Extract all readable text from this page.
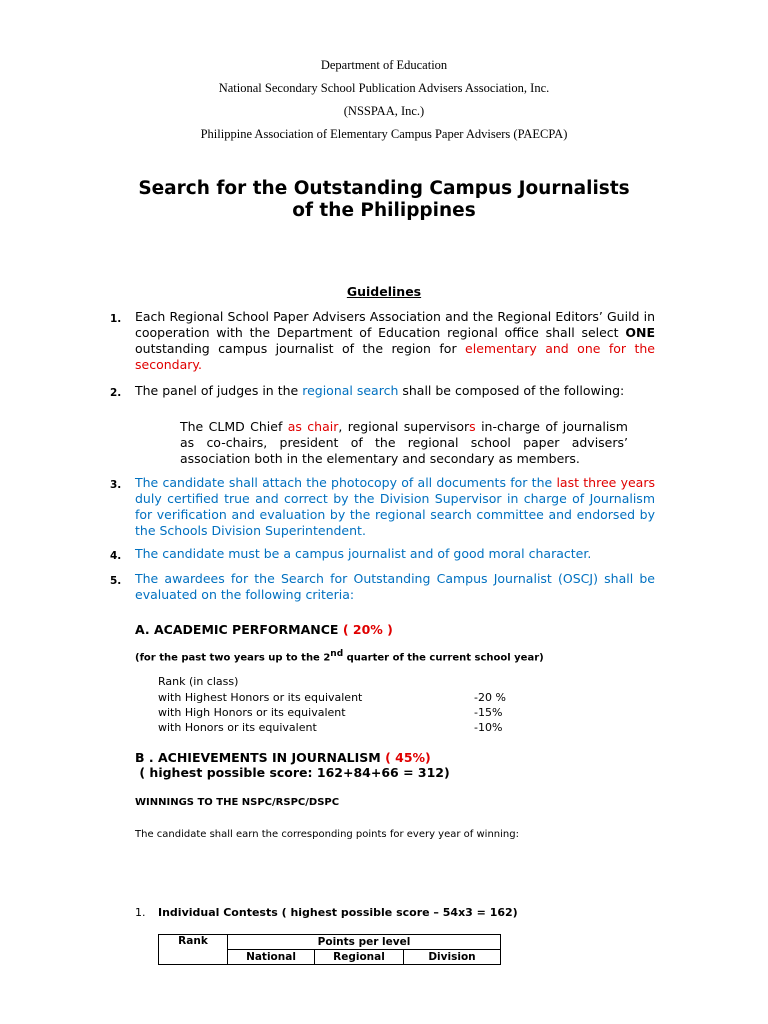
Department of Education
National Secondary School Publication Advisers Association, Inc.
(NSSPAA, Inc.)
Philippine Association of Elementary Campus Paper Advisers (PAECPA)
Search for the Outstanding Campus Journalists
of the Philippines
Guidelines
1. Each Regional School Paper Advisers Association and the Regional Editors’ Guild in cooperation with the Department of Education regional office shall select ONE outstanding campus journalist of the region for elementary and one for the secondary.
2. The panel of judges in the regional search shall be composed of the following:
The CLMD Chief as chair, regional supervisors in-charge of journalism as co-chairs, president of the regional school paper advisers’ association both in the elementary and secondary as members.
3. The candidate shall attach the photocopy of all documents for the last three years duly certified true and correct by the Division Supervisor in charge of Journalism for verification and evaluation by the regional search committee and endorsed by the Schools Division Superintendent.
4. The candidate must be a campus journalist and of good moral character.
5. The awardees for the Search for Outstanding Campus Journalist (OSCJ) shall be evaluated on the following criteria:
A. ACADEMIC PERFORMANCE ( 20% )
(for the past two years up to the 2nd quarter of the current school year)
Rank (in class)
with Highest Honors or its equivalent	-20 %
with High Honors or its equivalent	-15%
with Honors or its equivalent	-10%
B . ACHIEVEMENTS IN JOURNALISM ( 45%)
( highest possible score: 162+84+66 = 312)
WINNINGS TO THE NSPC/RSPC/DSPC
The candidate shall earn the corresponding points for every year of winning:
1. Individual Contests ( highest possible score – 54x3 = 162)
Rank	Points per level		
	National	Regional	Division
